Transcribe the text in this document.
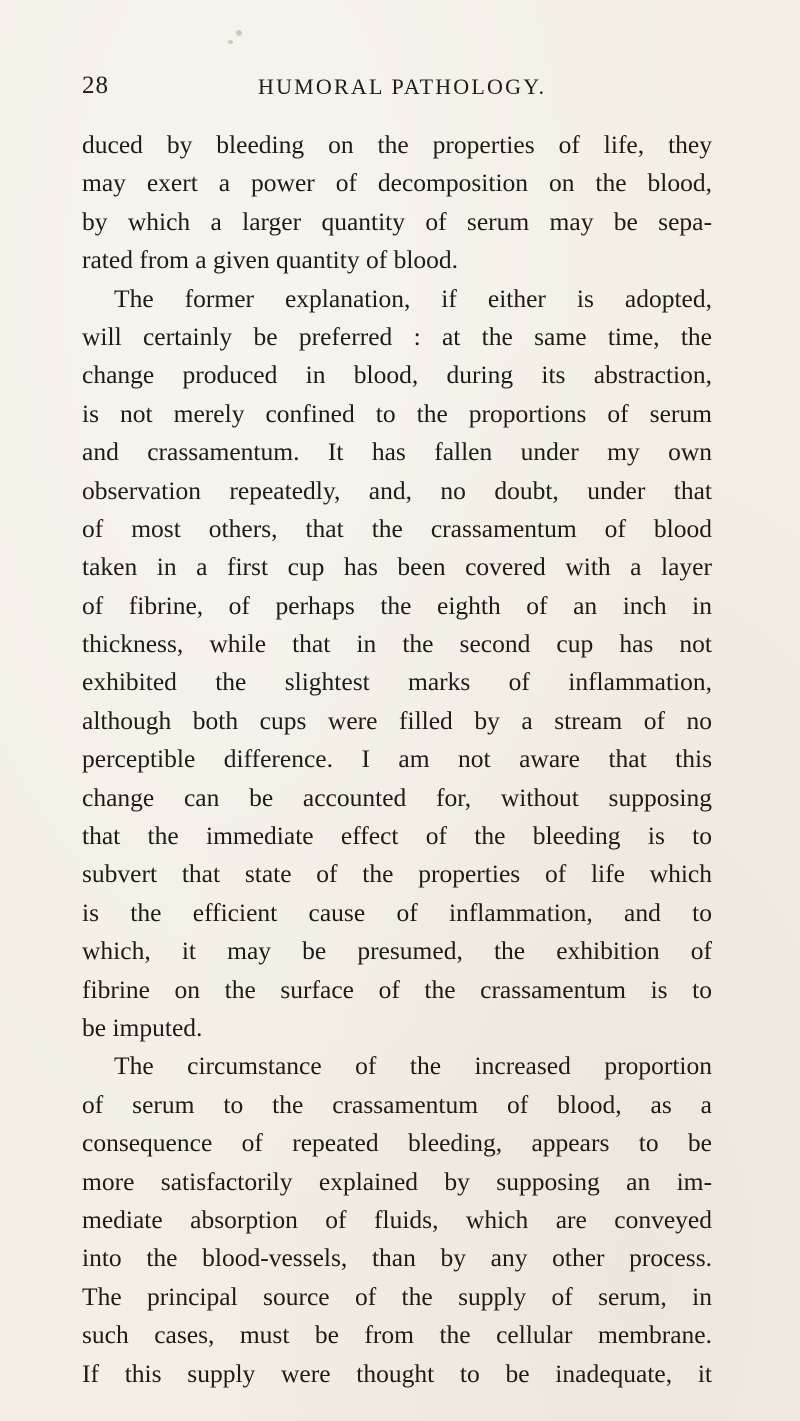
28	HUMORAL PATHOLOGY.
duced by bleeding on the properties of life, they
may exert a power of decomposition on the blood,
by which a larger quantity of serum may be sepa-
rated from a given quantity of blood.
The former explanation, if either is adopted,
will certainly be preferred : at the same time, the
change produced in blood, during its abstraction,
is not merely confined to the proportions of serum
and crassamentum. It has fallen under my own
observation repeatedly, and, no doubt, under that
of most others, that the crassamentum of blood
taken in a first cup has been covered with a layer
of fibrine, of perhaps the eighth of an inch in
thickness, while that in the second cup has not
exhibited the slightest marks of inflammation,
although both cups were filled by a stream of no
perceptible difference. I am not aware that this
change can be accounted for, without supposing
that the immediate effect of the bleeding is to
subvert that state of the properties of life which
is the efficient cause of inflammation, and to
which, it may be presumed, the exhibition of
fibrine on the surface of the crassamentum is to
be imputed.
The circumstance of the increased proportion
of serum to the crassamentum of blood, as a
consequence of repeated bleeding, appears to be
more satisfactorily explained by supposing an im-
mediate absorption of fluids, which are conveyed
into the blood-vessels, than by any other process.
The principal source of the supply of serum, in
such cases, must be from the cellular membrane.
If this supply were thought to be inadequate, it
